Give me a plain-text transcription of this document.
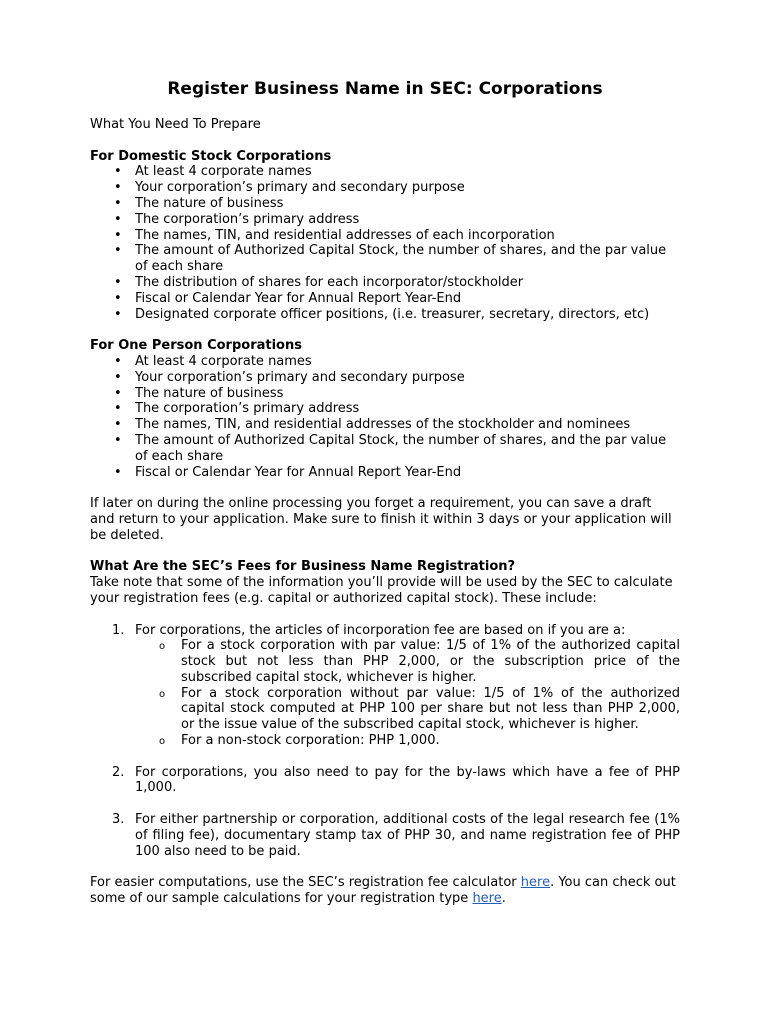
Register Business Name in SEC: Corporations

What You Need To Prepare

For Domestic Stock Corporations

• At least 4 corporate names
• Your corporation’s primary and secondary purpose
• The nature of business
• The corporation’s primary address
• The names, TIN, and residential addresses of each incorporation
• The amount of Authorized Capital Stock, the number of shares, and the par value of each share
• The distribution of shares for each incorporator/stockholder
• Fiscal or Calendar Year for Annual Report Year-End
• Designated corporate officer positions, (i.e. treasurer, secretary, directors, etc)

For One Person Corporations

• At least 4 corporate names
• Your corporation’s primary and secondary purpose
• The nature of business
• The corporation’s primary address
• The names, TIN, and residential addresses of the stockholder and nominees
• The amount of Authorized Capital Stock, the number of shares, and the par value of each share
• Fiscal or Calendar Year for Annual Report Year-End

If later on during the online processing you forget a requirement, you can save a draft and return to your application. Make sure to finish it within 3 days or your application will be deleted.

What Are the SEC’s Fees for Business Name Registration?

Take note that some of the information you’ll provide will be used by the SEC to calculate your registration fees (e.g. capital or authorized capital stock). These include:

1. For corporations, the articles of incorporation fee are based on if you are a:
o For a stock corporation with par value: 1/5 of 1% of the authorized capital stock but not less than PHP 2,000, or the subscription price of the subscribed capital stock, whichever is higher.
o For a stock corporation without par value: 1/5 of 1% of the authorized capital stock computed at PHP 100 per share but not less than PHP 2,000, or the issue value of the subscribed capital stock, whichever is higher.
o For a non-stock corporation: PHP 1,000.
2. For corporations, you also need to pay for the by-laws which have a fee of PHP 1,000.
3. For either partnership or corporation, additional costs of the legal research fee (1% of filing fee), documentary stamp tax of PHP 30, and name registration fee of PHP 100 also need to be paid.

For easier computations, use the SEC’s registration fee calculator here. You can check out some of our sample calculations for your registration type here.
